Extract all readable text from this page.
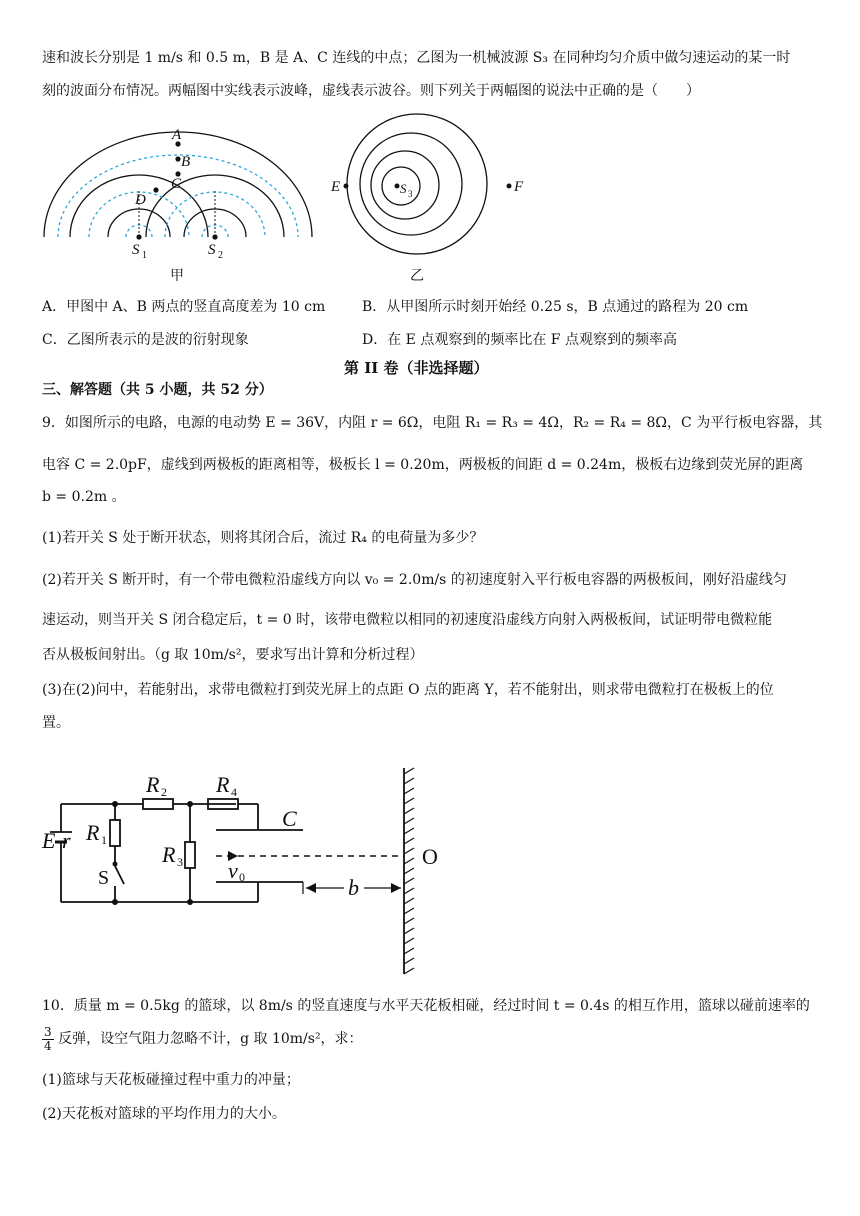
速和波长分别是 1 m/s 和 0.5 m，B 是 A、C 连线的中点；乙图为一机械波源 S₃ 在同种均匀介质中做匀速运动的某一时
刻的波面分布情况。两幅图中实线表示波峰，虚线表示波谷。则下列关于两幅图的说法中正确的是（　　）
A
B
C
D
S	S
1	2
甲
E	F
S 3
乙
A．甲图中 A、B 两点的竖直高度差为 10 cm	B．从甲图所示时刻开始经 0.25 s，B 点通过的路程为 20 cm
C．乙图所表示的是波的衍射现象	D．在 E 点观察到的频率比在 F 点观察到的频率高
第 II 卷（非选择题）
三、解答题（共 5 小题，共 52 分）
9．如图所示的电路，电源的电动势 E = 36V，内阻 r = 6Ω，电阻 R₁ = R₃ = 4Ω，R₂ = R₄ = 8Ω，C 为平行板电容器，其
电容 C = 2.0pF，虚线到两极板的距离相等，极板长 l = 0.20m，两极板的间距 d = 0.24m，极板右边缘到荧光屏的距离
b = 0.2m 。
(1)若开关 S 处于断开状态，则将其闭合后，流过 R₄ 的电荷量为多少？
(2)若开关 S 断开时，有一个带电微粒沿虚线方向以 v₀ = 2.0m/s 的初速度射入平行板电容器的两极板间，刚好沿虚线匀
速运动，则当开关 S 闭合稳定后，t = 0 时，该带电微粒以相同的初速度沿虚线方向射入两极板间，试证明带电微粒能
否从极板间射出。（g 取 10m/s²，要求写出计算和分析过程）
(3)在(2)问中，若能射出，求带电微粒打到荧光屏上的点距 O 点的距离 Y，若不能射出，则求带电微粒打在极板上的位
置。
E r R
R
R
R
C
v
b
S
O
1
2
3
4
0
10．质量 m = 0.5kg 的篮球，以 8m/s 的竖直速度与水平天花板相碰，经过时间 t = 0.4s 的相互作用，篮球以碰前速率的
$\frac{3}{4}$ 反弹，设空气阻力忽略不计，g 取 10m/s²，求：
(1)篮球与天花板碰撞过程中重力的冲量；
(2)天花板对篮球的平均作用力的大小。
